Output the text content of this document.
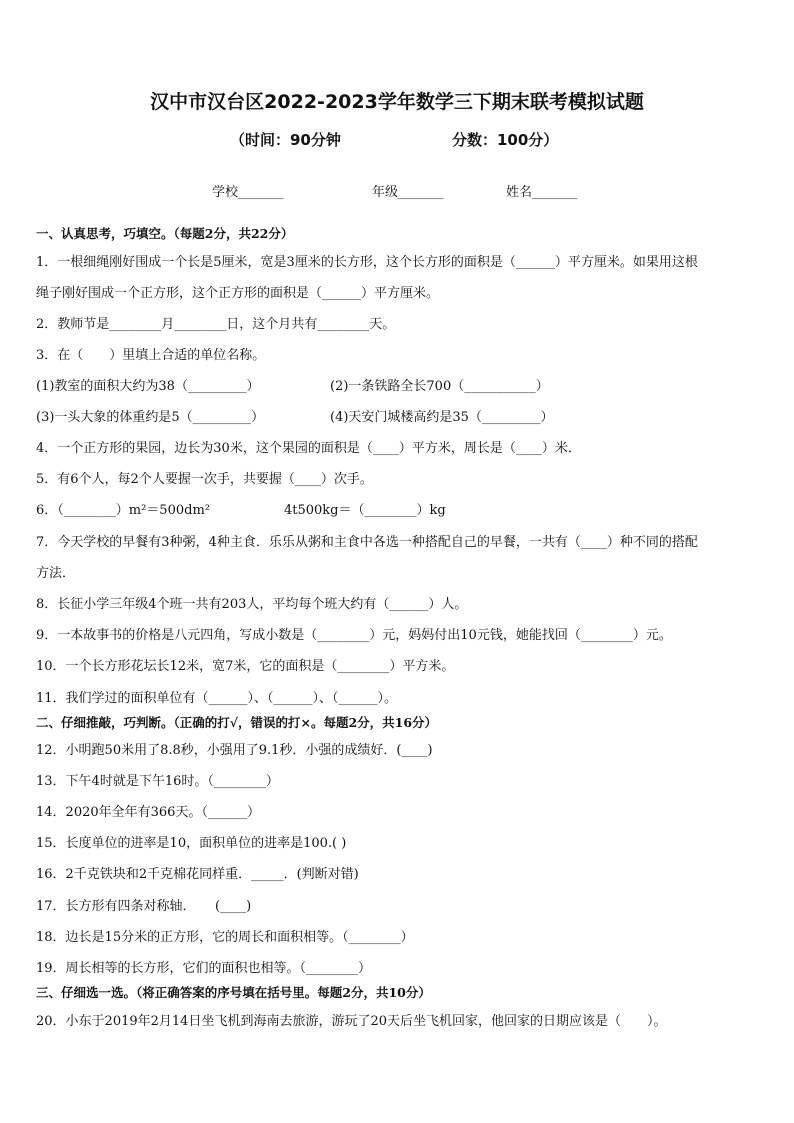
汉中市汉台区2022-2023学年数学三下期末联考模拟试题
（时间：90分钟	分数：100分）
学校_______	年级_______	姓名_______
一、认真思考，巧填空。（每题2分，共22分）
1．一根细绳刚好围成一个长是5厘米，宽是3厘米的长方形，这个长方形的面积是（______）平方厘米。如果用这根
绳子刚好围成一个正方形，这个正方形的面积是（______）平方厘米。
2．教师节是________月________日，这个月共有________天。
3．在（　　）里填上合适的单位名称。
(1)教室的面积大约为38（_________）	(2)一条铁路全长700（___________）
(3)一头大象的体重约是5（_________）	(4)天安门城楼高约是35（_________）
4．一个正方形的果园，边长为30米，这个果园的面积是（____）平方米，周长是（____）米．
5．有6个人，每2个人要握一次手，共要握（____）次手。
6．（________）m²＝500dm²	4t500kg＝（________）kg
7．今天学校的早餐有3种粥，4种主食．乐乐从粥和主食中各选一种搭配自己的早餐，一共有（____）种不同的搭配
方法．
8．长征小学三年级4个班一共有203人，平均每个班大约有（______）人。
9．一本故事书的价格是八元四角，写成小数是（________）元，妈妈付出10元钱，她能找回（________）元。
10．一个长方形花坛长12米，宽7米，它的面积是（________）平方米。
11．我们学过的面积单位有（______）、（______）、（______）。
二、仔细推敲，巧判断。（正确的打√，错误的打×。每题2分，共16分）
12．小明跑50米用了8.8秒，小强用了9.1秒．小强的成绩好．(____)
13．下午4时就是下午16时。（________）
14．2020年全年有366天。（______）
15．长度单位的进率是10，面积单位的进率是100.( )
16．2千克铁块和2千克棉花同样重．_____．(判断对错)
17．长方形有四条对称轴．　　(____)
18．边长是15分米的正方形，它的周长和面积相等。（________）
19．周长相等的长方形，它们的面积也相等。（________）
三、仔细选一选。（将正确答案的序号填在括号里。每题2分，共10分）
20．小东于2019年2月14日坐飞机到海南去旅游，游玩了20天后坐飞机回家，他回家的日期应该是（　　）。
